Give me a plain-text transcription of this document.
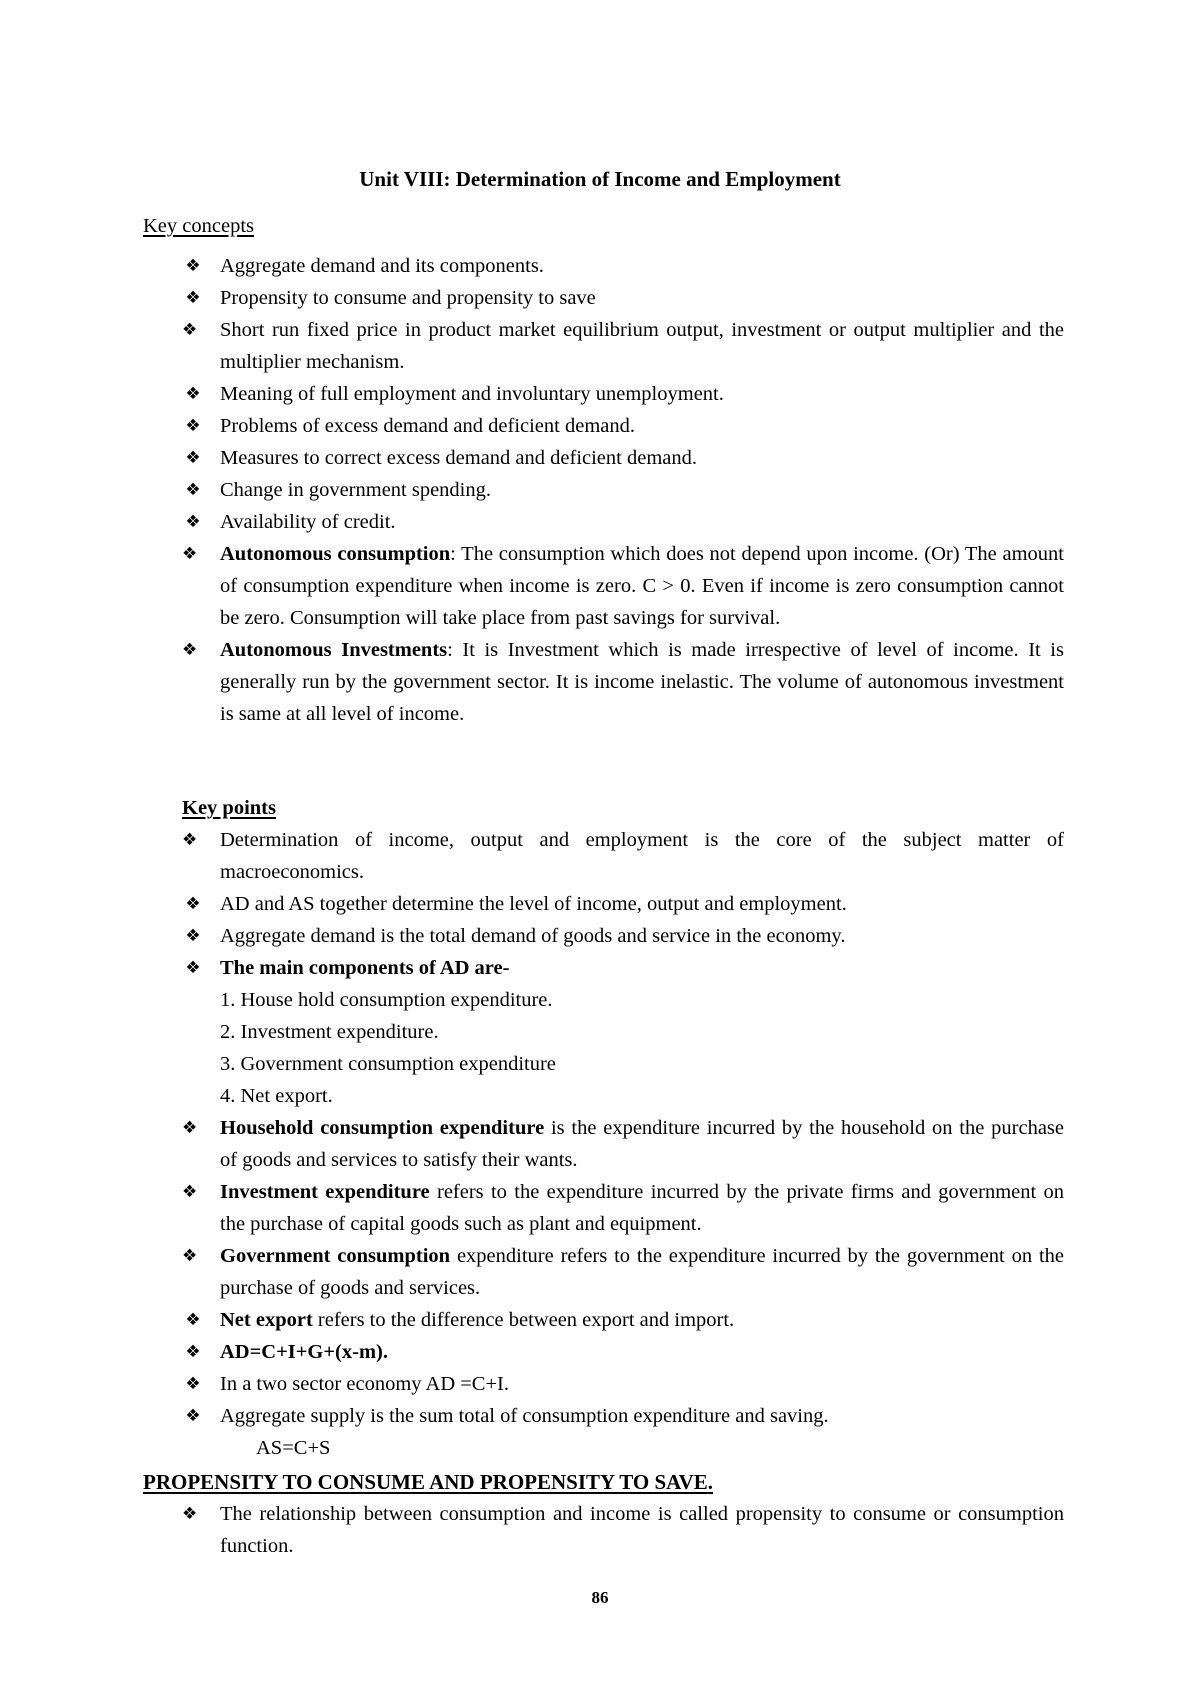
Unit VIII: Determination of Income and Employment
Key concepts
❖ Aggregate demand and its components.
❖ Propensity to consume and propensity to save
❖	Short run fixed price in product market equilibrium output, investment or output multiplier and the multiplier mechanism.
❖ Meaning of full employment and involuntary unemployment.
❖ Problems of excess demand and deficient demand.
❖ Measures to correct excess demand and deficient demand.
❖ Change in government spending.
❖ Availability of credit.
❖	Autonomous consumption: The consumption which does not depend upon income. (Or) The amount of consumption expenditure when income is zero. C > 0. Even if income is zero consumption cannot be zero. Consumption will take place from past savings for survival.
❖	Autonomous Investments: It is Investment which is made irrespective of level of income. It is generally run by the government sector. It is income inelastic. The volume of autonomous investment is same at all level of income.
Key points
❖	Determination of income, output and employment is the core of the subject matter of macroeconomics.
❖ AD and AS together determine the level of income, output and employment.
❖ Aggregate demand is the total demand of goods and service in the economy.
❖ The main components of AD are-
1. House hold consumption expenditure.
2. Investment expenditure.
3. Government consumption expenditure
4. Net export.
❖	Household consumption expenditure is the expenditure incurred by the household on the purchase of goods and services to satisfy their wants.
❖	Investment expenditure refers to the expenditure incurred by the private firms and government on the purchase of capital goods such as plant and equipment.
❖	Government consumption expenditure refers to the expenditure incurred by the government on the purchase of goods and services.
❖ Net export refers to the difference between export and import.
❖ AD=C+I+G+(x-m).
❖ In a two sector economy AD =C+I.
❖ Aggregate supply is the sum total of consumption expenditure and saving.
AS=C+S
PROPENSITY TO CONSUME AND PROPENSITY TO SAVE.
❖	The relationship between consumption and income is called propensity to consume or consumption function.
86
